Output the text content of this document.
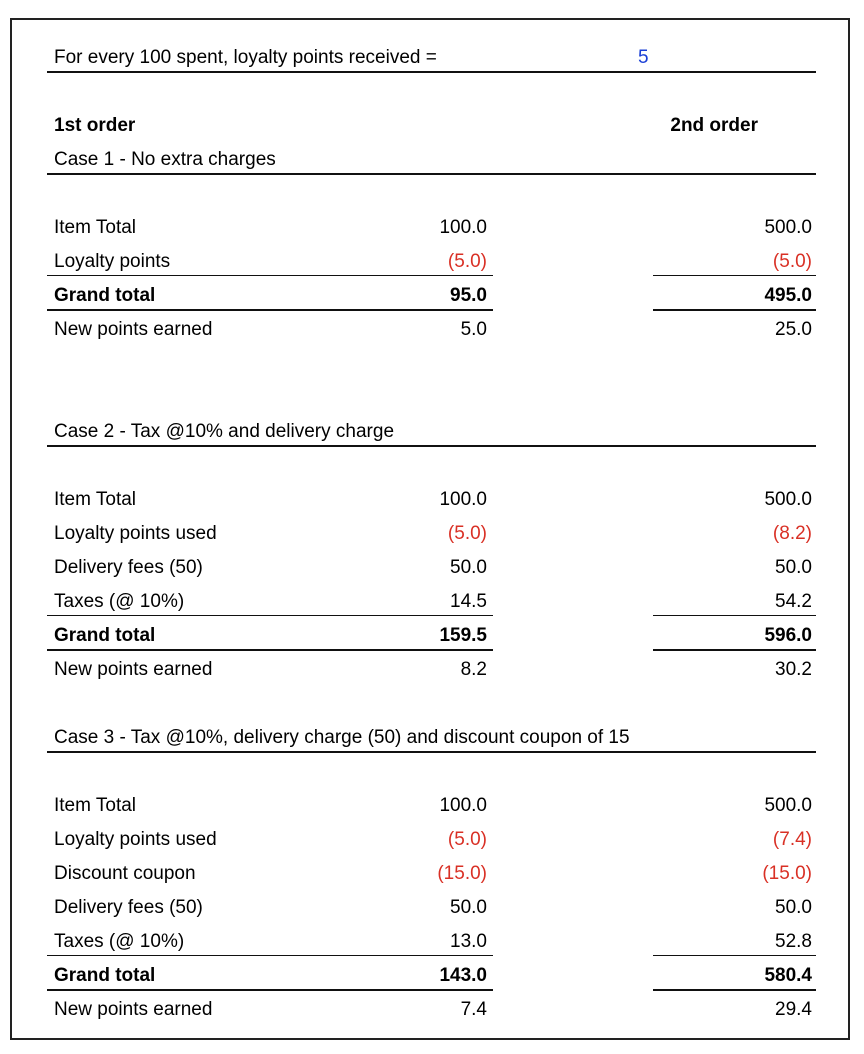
For every 100 spent, loyalty points received =	5
1st order	2nd order
Case 1 - No extra charges
Item Total	100.0	500.0
Loyalty points	(5.0)	(5.0)
Grand total	95.0	495.0
New points earned	5.0	25.0
Case 2 - Tax @10% and delivery charge
Item Total	100.0	500.0
Loyalty points used	(5.0)	(8.2)
Delivery fees (50)	50.0	50.0
Taxes (@ 10%)	14.5	54.2
Grand total	159.5	596.0
New points earned	8.2	30.2
Case 3 - Tax @10%, delivery charge (50) and discount coupon of 15
Item Total	100.0	500.0
Loyalty points used	(5.0)	(7.4)
Discount coupon	(15.0)	(15.0)
Delivery fees (50)	50.0	50.0
Taxes (@ 10%)	13.0	52.8
Grand total	143.0	580.4
New points earned	7.4	29.4
